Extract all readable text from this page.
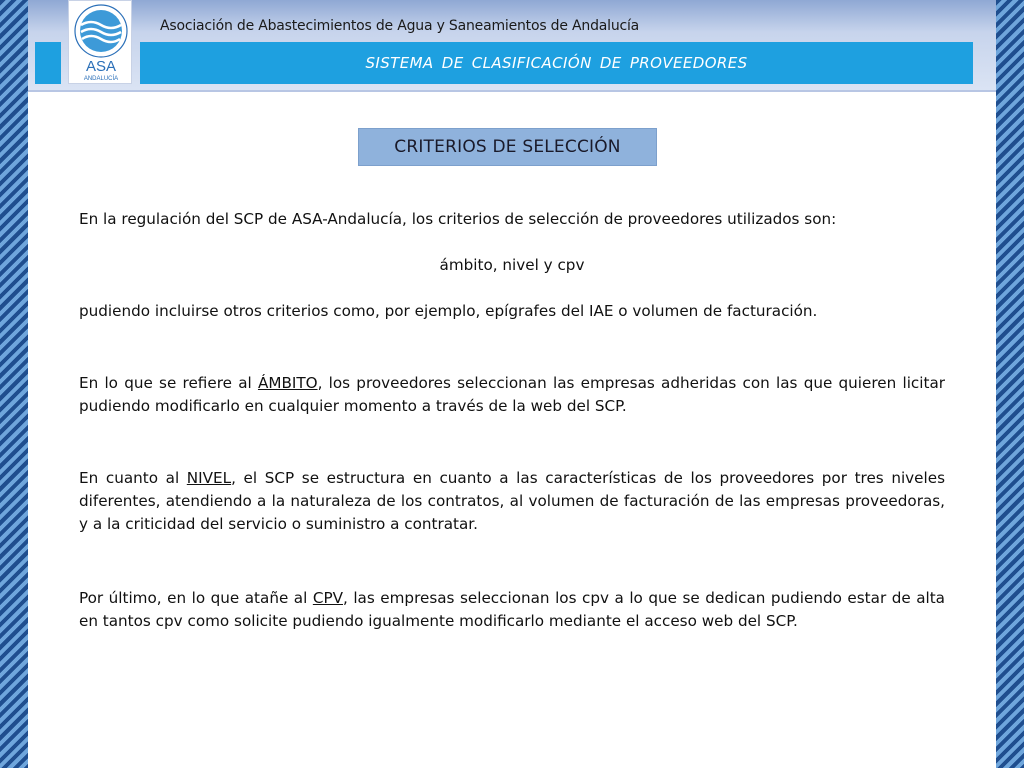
ASA
ANDALUCÍA
Asociación de Abastecimientos de Agua y Saneamientos de Andalucía
SISTEMA DE CLASIFICACIÓN DE PROVEEDORES
CRITERIOS DE SELECCIÓN

En la regulación del SCP de ASA-Andalucía, los criterios de selección de proveedores utilizados son:

ámbito, nivel y cpv

pudiendo incluirse otros criterios como, por ejemplo, epígrafes del IAE o volumen de facturación.

En lo que se refiere al ÁMBITO, los proveedores seleccionan las empresas adheridas con las que quieren licitar pudiendo modificarlo en cualquier momento a través de la web del SCP.

En cuanto al NIVEL, el SCP se estructura en cuanto a las características de los proveedores por tres niveles diferentes, atendiendo a la naturaleza de los contratos, al volumen de facturación de las empresas proveedoras, y a la criticidad del servicio o suministro a contratar.

Por último, en lo que atañe al CPV, las empresas seleccionan los cpv a lo que se dedican pudiendo estar de alta en tantos cpv como solicite pudiendo igualmente modificarlo mediante el acceso web del SCP.
